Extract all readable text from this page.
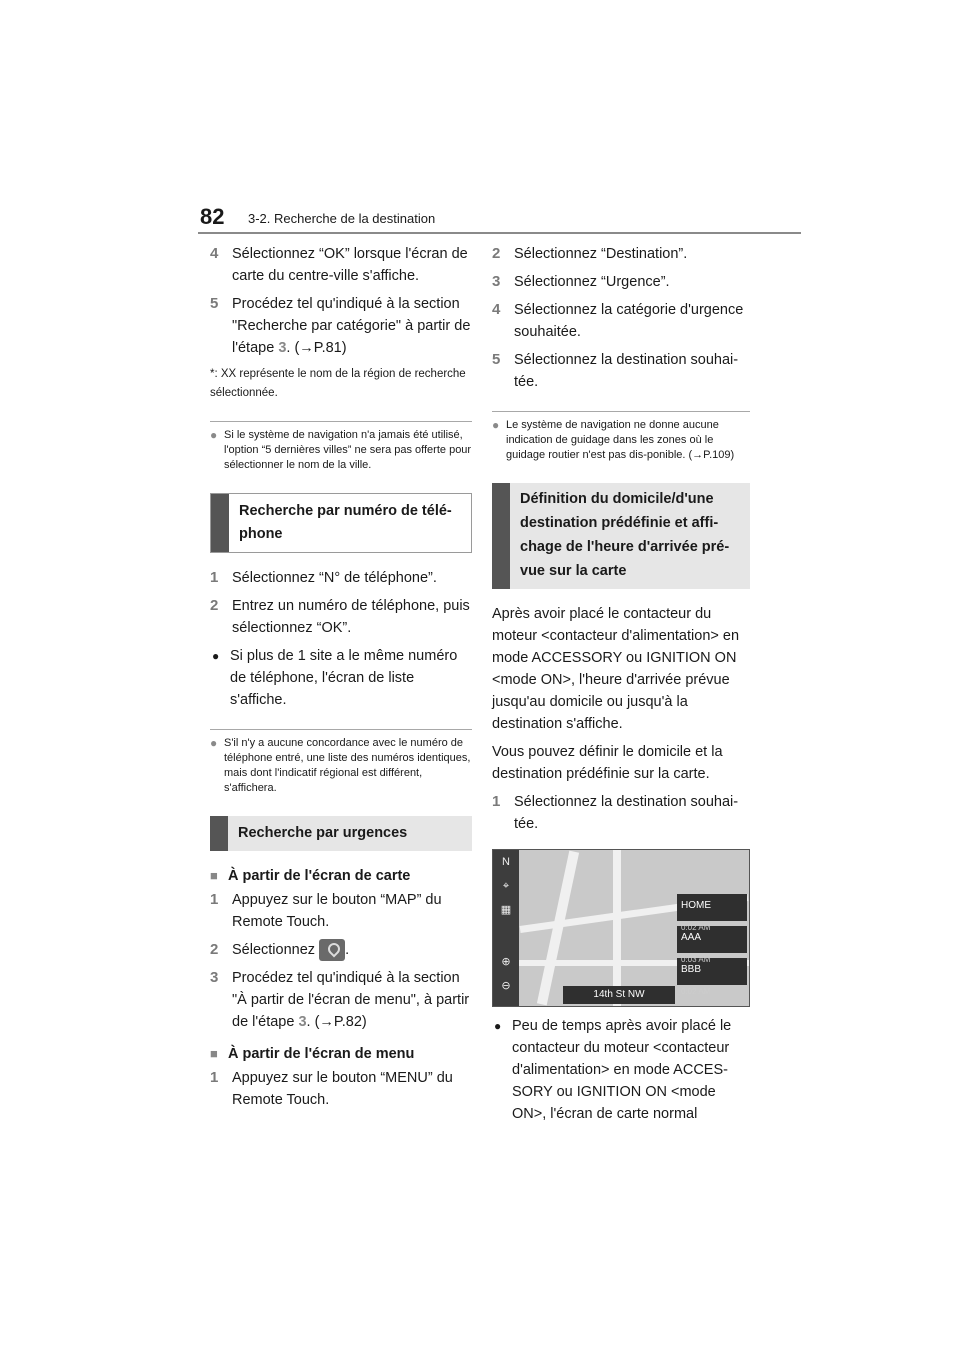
82 3-2. Recherche de la destination
4 Sélectionnez “OK” lorsque l'écran de carte du centre-ville s'affiche.
5 Procédez tel qu'indiqué à la section "Recherche par catégorie" à partir de l'étape 3. (→P.81)
*: XX représente le nom de la région de recherche sélectionnée.
● Si le système de navigation n'a jamais été utilisé, l'option “5 dernières villes” ne sera pas offerte pour sélectionner le nom de la ville.
Recherche par numéro de télé-phone
1 Sélectionnez “N° de téléphone”.
2 Entrez un numéro de téléphone, puis sélectionnez “OK”.
● Si plus de 1 site a le même numéro de téléphone, l'écran de liste s'affiche.
● S'il n'y a aucune concordance avec le numéro de téléphone entré, une liste des numéros identiques, mais dont l'indicatif régional est différent, s'affichera.
Recherche par urgences
■ À partir de l'écran de carte
1 Appuyez sur le bouton “MAP” du Remote Touch.
2 Sélectionnez .
3 Procédez tel qu'indiqué à la section "À partir de l'écran de menu", à partir de l'étape 3. (→P.82)
■ À partir de l'écran de menu
1 Appuyez sur le bouton “MENU” du Remote Touch.
2 Sélectionnez “Destination”.
3 Sélectionnez “Urgence”.
4 Sélectionnez la catégorie d'urgence souhaitée.
5 Sélectionnez la destination souhai-tée.
● Le système de navigation ne donne aucune indication de guidage dans les zones où le guidage routier n'est pas dis-ponible. (→P.109)
Définition du domicile/d'une destination prédéfinie et affi-chage de l'heure d'arrivée pré-vue sur la carte
Après avoir placé le contacteur du moteur <contacteur d'alimentation> en mode ACCESSORY ou IGNITION ON <mode ON>, l'heure d'arrivée prévue jusqu'au domicile ou jusqu'à la destination s'affiche.
Vous pouvez définir le domicile et la destination prédéfinie sur la carte.
1 Sélectionnez la destination souhai-tée.
N
⌖
▦
⊕
⊖
HOME
0:02 AM
AAA
0:03 AM
BBB
0:02 AM
14th St NW
● Peu de temps après avoir placé le contacteur du moteur <contacteur d'alimentation> en mode ACCES-SORY ou IGNITION ON <mode ON>, l'écran de carte normal
